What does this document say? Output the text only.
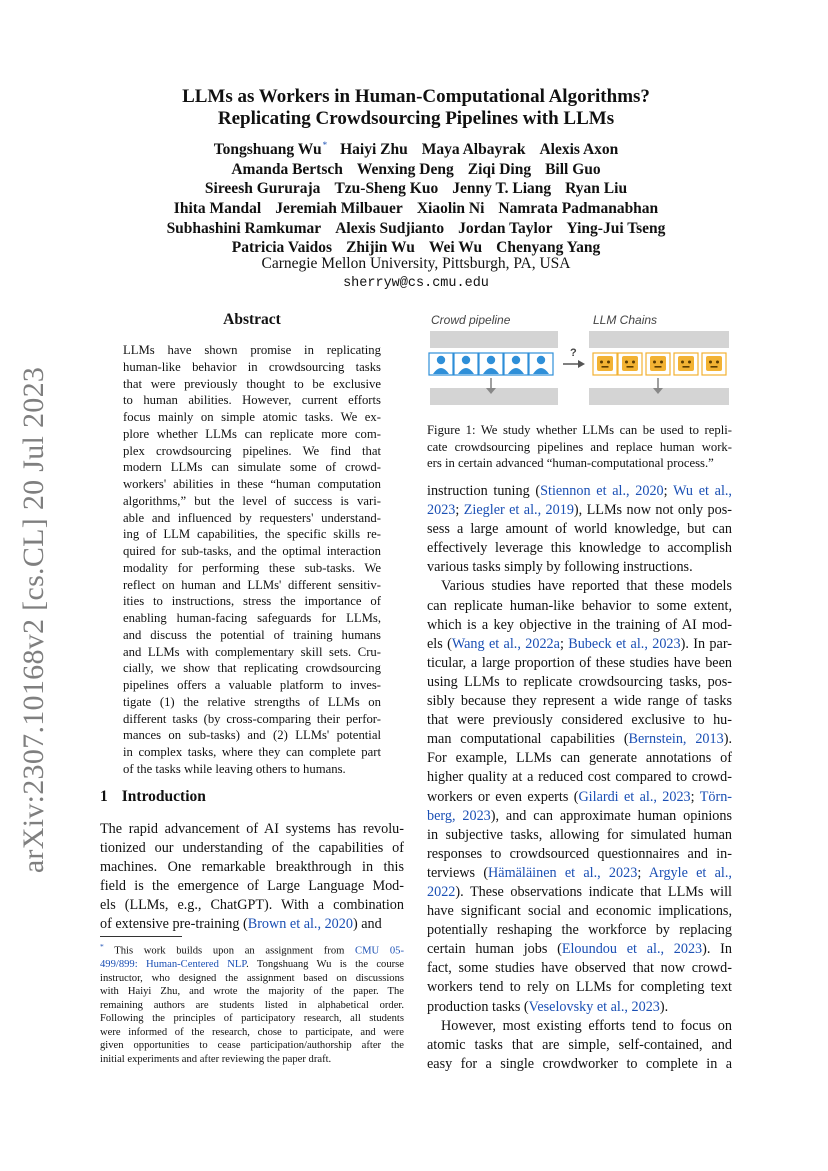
arXiv:2307.10168v2 [cs.CL] 20 Jul 2023
LLMs as Workers in Human-Computational Algorithms?
Replicating Crowdsourcing Pipelines with LLMs
Tongshuang Wu* Haiyi Zhu Maya Albayrak Alexis Axon
Amanda Bertsch Wenxing Deng Ziqi Ding Bill Guo
Sireesh Gururaja Tzu-Sheng Kuo Jenny T. Liang Ryan Liu
Ihita Mandal Jeremiah Milbauer Xiaolin Ni Namrata Padmanabhan
Subhashini Ramkumar Alexis Sudjianto Jordan Taylor Ying-Jui Tseng
Patricia Vaidos Zhijin Wu Wei Wu Chenyang Yang
Carnegie Mellon University, Pittsburgh, PA, USA
sherryw@cs.cmu.edu
Abstract
LLMs have shown promise in replicating
human-like behavior in crowdsourcing tasks
that were previously thought to be exclusive
to human abilities. However, current efforts
focus mainly on simple atomic tasks. We ex-
plore whether LLMs can replicate more com-
plex crowdsourcing pipelines. We find that
modern LLMs can simulate some of crowd-
workers' abilities in these “human computation
algorithms,” but the level of success is vari-
able and influenced by requesters' understand-
ing of LLM capabilities, the specific skills re-
quired for sub-tasks, and the optimal interaction
modality for performing these sub-tasks. We
reflect on human and LLMs' different sensitiv-
ities to instructions, stress the importance of
enabling human-facing safeguards for LLMs,
and discuss the potential of training humans
and LLMs with complementary skill sets. Cru-
cially, we show that replicating crowdsourcing
pipelines offers a valuable platform to inves-
tigate (1) the relative strengths of LLMs on
different tasks (by cross-comparing their perfor-
mances on sub-tasks) and (2) LLMs' potential
in complex tasks, where they can complete part
of the tasks while leaving others to humans.
1 Introduction
The rapid advancement of AI systems has revolu-
tionized our understanding of the capabilities of
machines. One remarkable breakthrough in this
field is the emergence of Large Language Mod-
els (LLMs, e.g., ChatGPT). With a combination
of extensive pre-training (Brown et al., 2020) and
* This work builds upon an assignment from CMU 05-
499/899: Human-Centered NLP. Tongshuang Wu is the course
instructor, who designed the assignment based on discussions
with Haiyi Zhu, and wrote the majority of the paper. The
remaining authors are students listed in alphabetical order.
Following the principles of participatory research, all students
were informed of the research, chose to participate, and were
given opportunities to cease participation/authorship after the
initial experiments and after reviewing the paper draft.
Crowd pipeline	LLM Chains
?
Figure 1: We study whether LLMs can be used to repli-
cate crowdsourcing pipelines and replace human work-
ers in certain advanced “human-computational process.”
instruction tuning (Stiennon et al., 2020; Wu et al.,
2023; Ziegler et al., 2019), LLMs now not only pos-
sess a large amount of world knowledge, but can
effectively leverage this knowledge to accomplish
various tasks simply by following instructions.
Various studies have reported that these models
can replicate human-like behavior to some extent,
which is a key objective in the training of AI mod-
els (Wang et al., 2022a; Bubeck et al., 2023). In par-
ticular, a large proportion of these studies have been
using LLMs to replicate crowdsourcing tasks, pos-
sibly because they represent a wide range of tasks
that were previously considered exclusive to hu-
man computational capabilities (Bernstein, 2013).
For example, LLMs can generate annotations of
higher quality at a reduced cost compared to crowd-
workers or even experts (Gilardi et al., 2023; Törn-
berg, 2023), and can approximate human opinions
in subjective tasks, allowing for simulated human
responses to crowdsourced questionnaires and in-
terviews (Hämäläinen et al., 2023; Argyle et al.,
2022). These observations indicate that LLMs will
have significant social and economic implications,
potentially reshaping the workforce by replacing
certain human jobs (Eloundou et al., 2023). In
fact, some studies have observed that now crowd-
workers tend to rely on LLMs for completing text
production tasks (Veselovsky et al., 2023).
However, most existing efforts tend to focus on
atomic tasks that are simple, self-contained, and
easy for a single crowdworker to complete in a
